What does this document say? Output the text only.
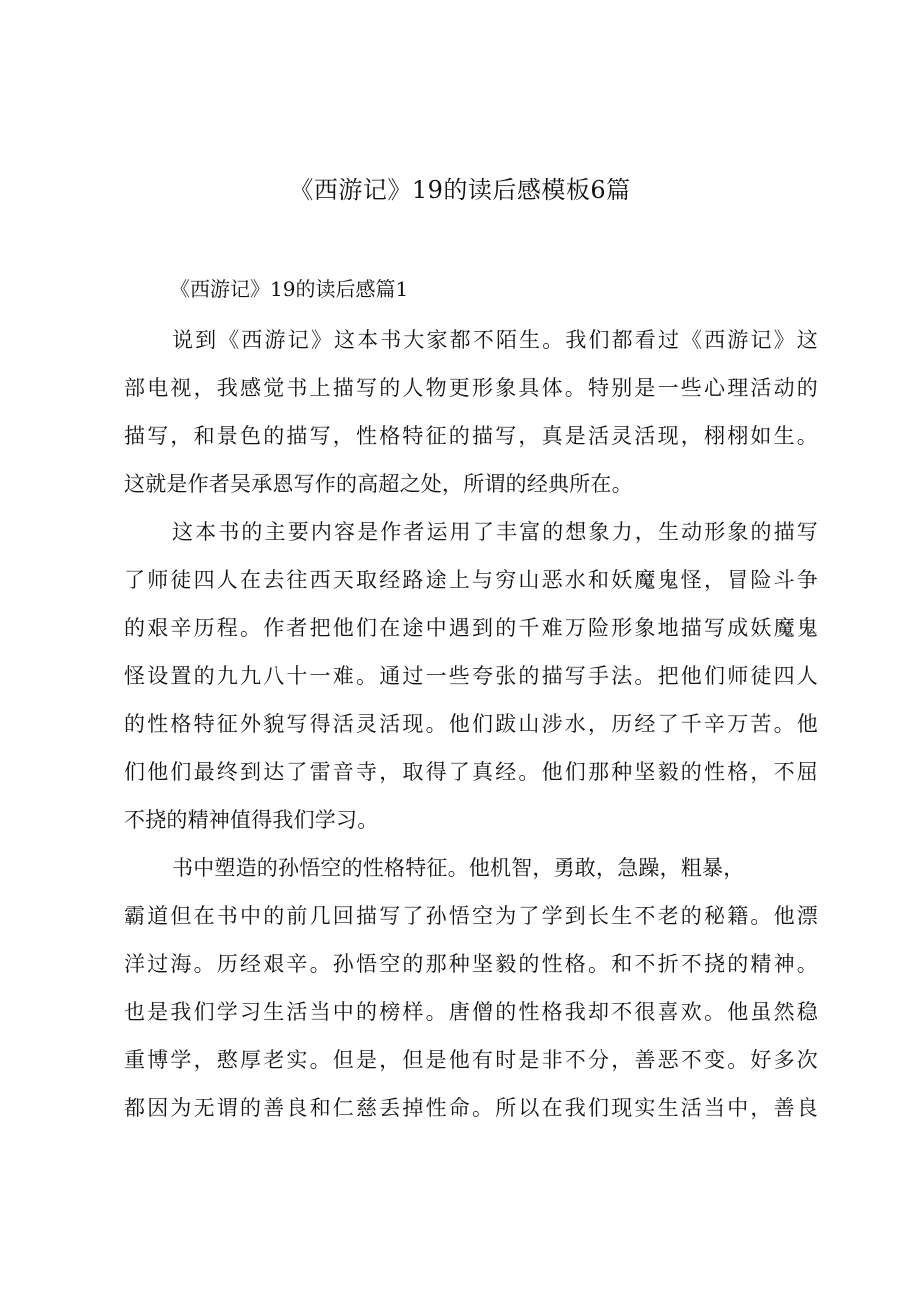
《西游记》19的读后感模板6篇
《西游记》19的读后感篇1

说到《西游记》这本书大家都不陌生。我们都看过《西游记》这
部电视，我感觉书上描写的人物更形象具体。特别是一些心理活动的
描写，和景色的描写，性格特征的描写，真是活灵活现，栩栩如生。
这就是作者吴承恩写作的高超之处，所谓的经典所在。

这本书的主要内容是作者运用了丰富的想象力，生动形象的描写
了师徒四人在去往西天取经路途上与穷山恶水和妖魔鬼怪，冒险斗争
的艰辛历程。作者把他们在途中遇到的千难万险形象地描写成妖魔鬼
怪设置的九九八十一难。通过一些夸张的描写手法。把他们师徒四人
的性格特征外貌写得活灵活现。他们跋山涉水，历经了千辛万苦。他
们他们最终到达了雷音寺，取得了真经。他们那种坚毅的性格，不屈
不挠的精神值得我们学习。

书中塑造的孙悟空的性格特征。他机智，勇敢，急躁，粗暴，
霸道但在书中的前几回描写了孙悟空为了学到长生不老的秘籍。他漂
洋过海。历经艰辛。孙悟空的那种坚毅的性格。和不折不挠的精神。
也是我们学习生活当中的榜样。唐僧的性格我却不很喜欢。他虽然稳
重博学，憨厚老实。但是，但是他有时是非不分，善恶不变。好多次
都因为无谓的善良和仁慈丢掉性命。所以在我们现实生活当中，善良
